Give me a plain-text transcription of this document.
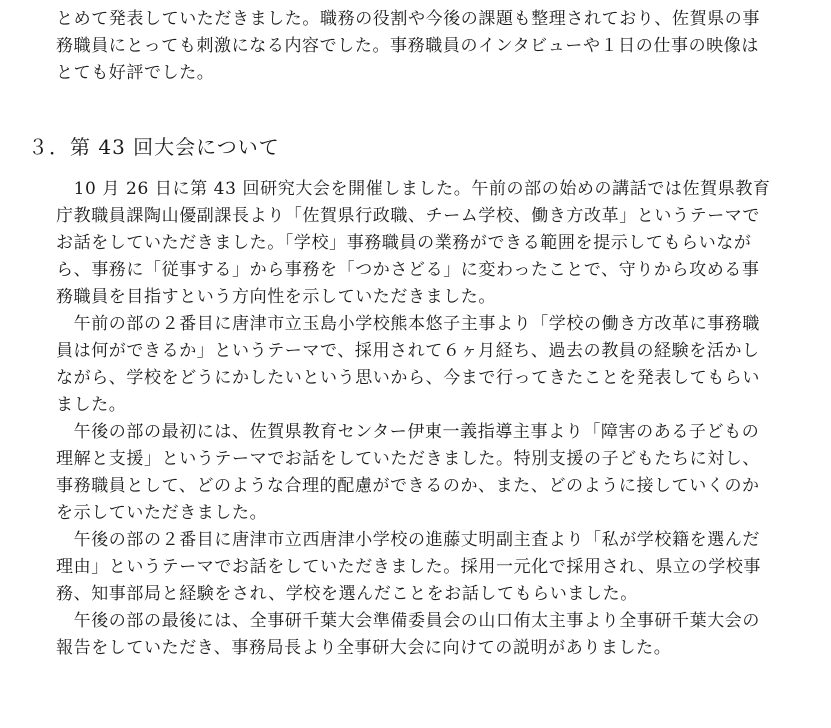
とめて発表していただきました。職務の役割や今後の課題も整理されており、佐賀県の事
務職員にとっても刺激になる内容でした。事務職員のインタビューや１日の仕事の映像は
とても好評でした。
３．第 43 回大会について
　10 月 26 日に第 43 回研究大会を開催しました。午前の部の始めの講話では佐賀県教育
庁教職員課陶山優副課長より「佐賀県行政職、チーム学校、働き方改革」というテーマで
お話をしていただきました。「学校」事務職員の業務ができる範囲を提示してもらいなが
ら、事務に「従事する」から事務を「つかさどる」に変わったことで、守りから攻める事
務職員を目指すという方向性を示していただきました。
　午前の部の２番目に唐津市立玉島小学校熊本悠子主事より「学校の働き方改革に事務職
員は何ができるか」というテーマで、採用されて６ヶ月経ち、過去の教員の経験を活かし
ながら、学校をどうにかしたいという思いから、今まで行ってきたことを発表してもらい
ました。
　午後の部の最初には、佐賀県教育センター伊東一義指導主事より「障害のある子どもの
理解と支援」というテーマでお話をしていただきました。特別支援の子どもたちに対し、
事務職員として、どのような合理的配慮ができるのか、また、どのように接していくのか
を示していただきました。
　午後の部の２番目に唐津市立西唐津小学校の進藤丈明副主査より「私が学校籍を選んだ
理由」というテーマでお話をしていただきました。採用一元化で採用され、県立の学校事
務、知事部局と経験をされ、学校を選んだことをお話してもらいました。
　午後の部の最後には、全事研千葉大会準備委員会の山口侑太主事より全事研千葉大会の
報告をしていただき、事務局長より全事研大会に向けての説明がありました。
